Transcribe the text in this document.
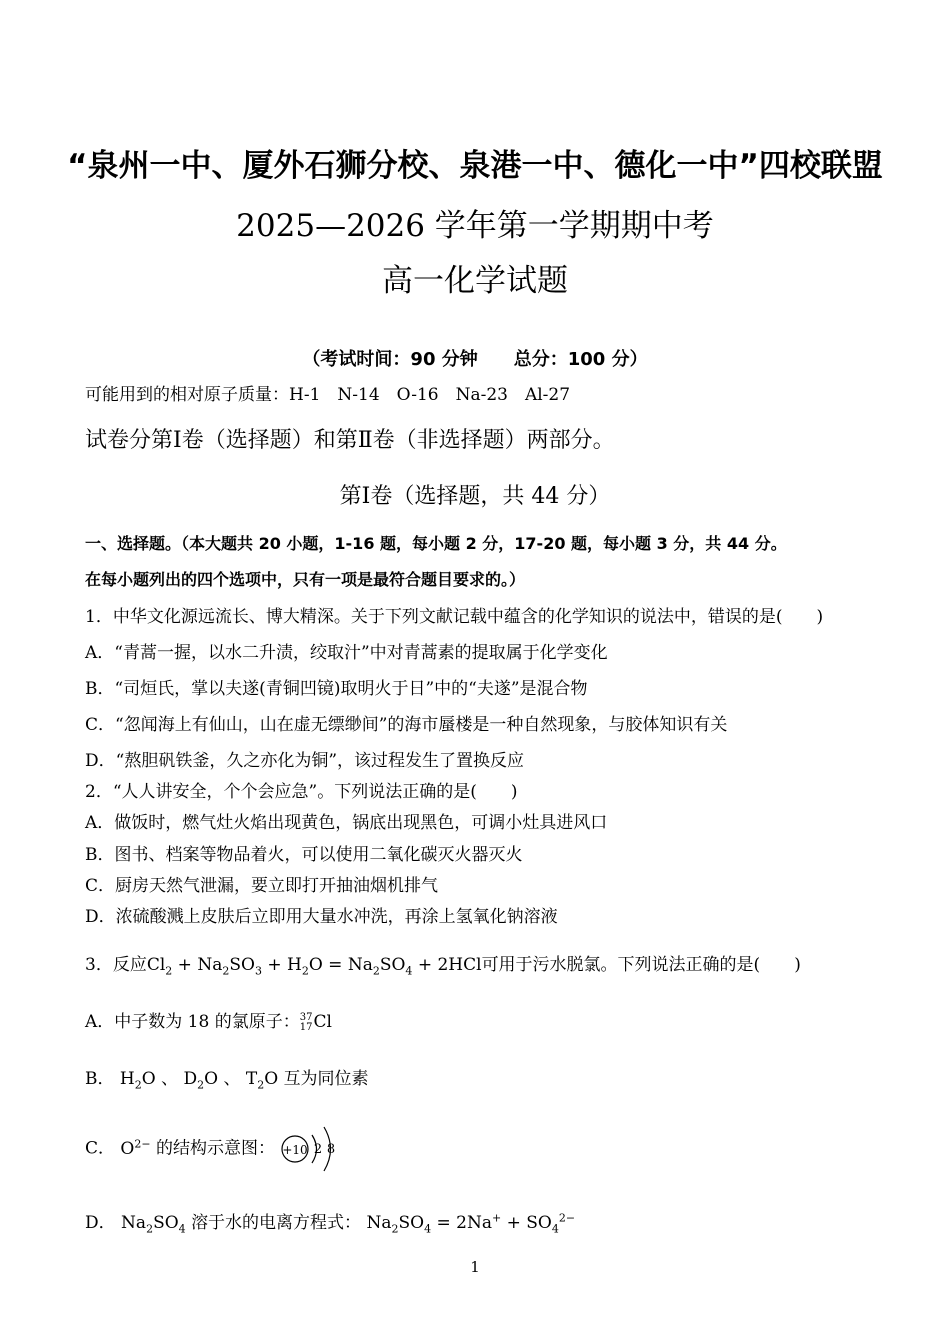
“泉州一中、厦外石狮分校、泉港一中、德化一中”四校联盟
2025—2026 学年第一学期期中考
高一化学试题
（考试时间：90 分钟　　总分：100 分）
可能用到的相对原子质量：H-1　N-14　O-16　Na-23　Al-27
试卷分第Ⅰ卷（选择题）和第Ⅱ卷（非选择题）两部分。
第Ⅰ卷（选择题，共 44 分）
一、选择题。（本大题共 20 小题，1-16 题，每小题 2 分，17-20 题，每小题 3 分，共 44 分。
在每小题列出的四个选项中，只有一项是最符合题目要求的。）
1．中华文化源远流长、博大精深。关于下列文献记载中蕴含的化学知识的说法中，错误的是(　　)
A．“青蒿一握，以水二升渍，绞取汁”中对青蒿素的提取属于化学变化
B．“司烜氏，掌以夫遂(青铜凹镜)取明火于日”中的“夫遂”是混合物
C．“忽闻海上有仙山，山在虚无缥缈间”的海市蜃楼是一种自然现象，与胶体知识有关
D．“熬胆矾铁釜，久之亦化为铜”，该过程发生了置换反应
2．“人人讲安全，个个会应急”。下列说法正确的是(　　)
A．做饭时，燃气灶火焰出现黄色，锅底出现黑色，可调小灶具进风口
B．图书、档案等物品着火，可以使用二氧化碳灭火器灭火
C．厨房天然气泄漏，要立即打开抽油烟机排气
D．浓硫酸溅上皮肤后立即用大量水冲洗，再涂上氢氧化钠溶液
3．反应$Cl_2 + Na_2SO_3 + H_2O = Na_2SO_4 + 2HCl$可用于污水脱氯。下列说法正确的是(　　)
A．中子数为 18 的氯原子： 37
17 Cl
B． $H_2O$ 、 $D_2O$ 、 $T_2O$ 互为同位素
C． $O^{2-}$ 的结构示意图： +10 2 8
D． $Na_2SO_4$ 溶于水的电离方程式： $Na_2SO_4 = 2Na^+ + SO_4^{2-}$
1
